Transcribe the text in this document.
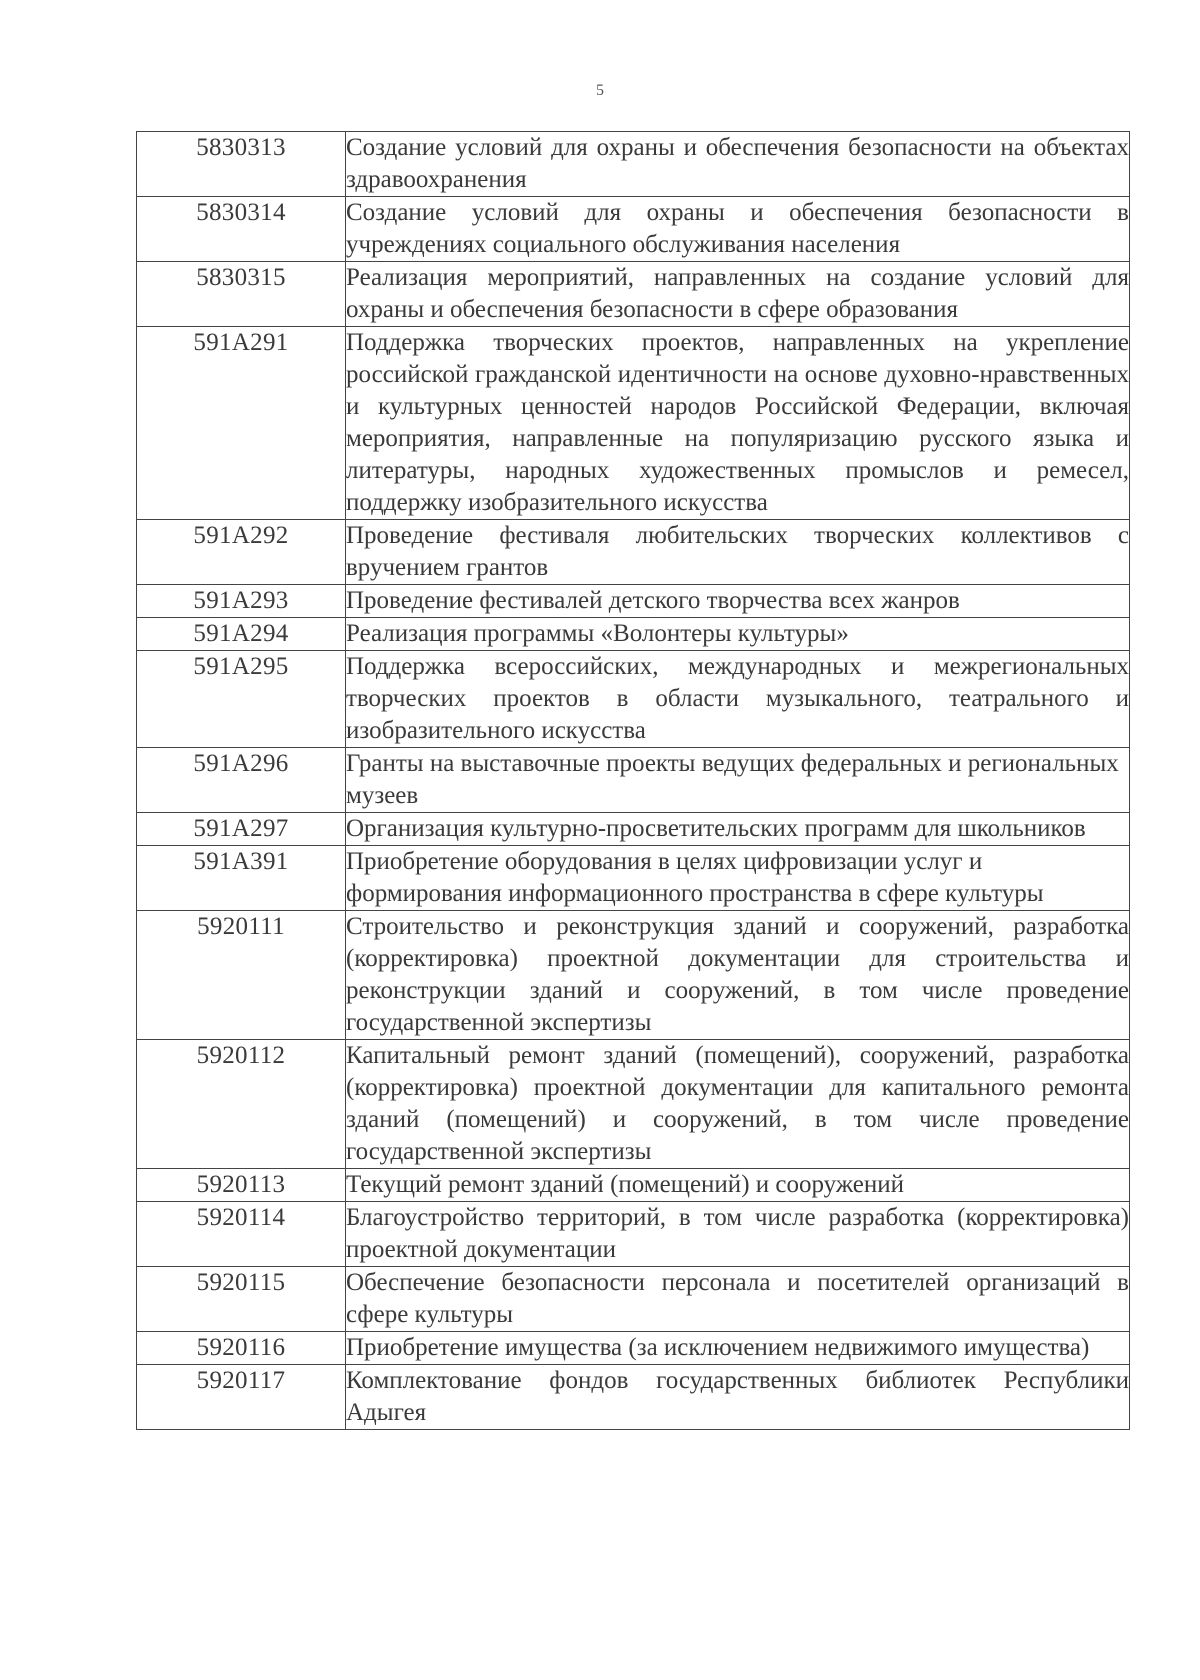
5
5830313	Создание условий для охраны и обеспечения безопасности на объектах здравоохранения
5830314	Создание условий для охраны и обеспечения безопасности в учреждениях социального обслуживания населения
5830315	Реализация мероприятий, направленных на создание условий для охраны и обеспечения безопасности в сфере образования
591А291	Поддержка творческих проектов, направленных на укрепление российской гражданской идентичности на основе духовно-нравственных и культурных ценностей народов Российской Федерации, включая мероприятия, направленные на популяризацию русского языка и литературы, народных художественных промыслов и ремесел, поддержку изобразительного искусства
591А292	Проведение фестиваля любительских творческих коллективов с вручением грантов
591А293	Проведение фестивалей детского творчества всех жанров
591А294	Реализация программы «Волонтеры культуры»
591А295	Поддержка всероссийских, международных и межрегиональных творческих проектов в области музыкального, театрального и изобразительного искусства
591А296	Гранты на выставочные проекты ведущих федеральных и региональных музеев
591А297	Организация культурно-просветительских программ для школьников
591А391	Приобретение оборудования в целях цифровизации услуг и формирования информационного пространства в сфере культуры
5920111	Строительство и реконструкция зданий и сооружений, разработка (корректировка) проектной документации для строительства и реконструкции зданий и сооружений, в том числе проведение государственной экспертизы
5920112	Капитальный ремонт зданий (помещений), сооружений, разработка (корректировка) проектной документации для капитального ремонта зданий (помещений) и сооружений, в том числе проведение государственной экспертизы
5920113	Текущий ремонт зданий (помещений) и сооружений
5920114	Благоустройство территорий, в том числе разработка (корректировка) проектной документации
5920115	Обеспечение безопасности персонала и посетителей организаций в сфере культуры
5920116	Приобретение имущества (за исключением недвижимого имущества)
5920117	Комплектование фондов государственных библиотек Республики Адыгея
